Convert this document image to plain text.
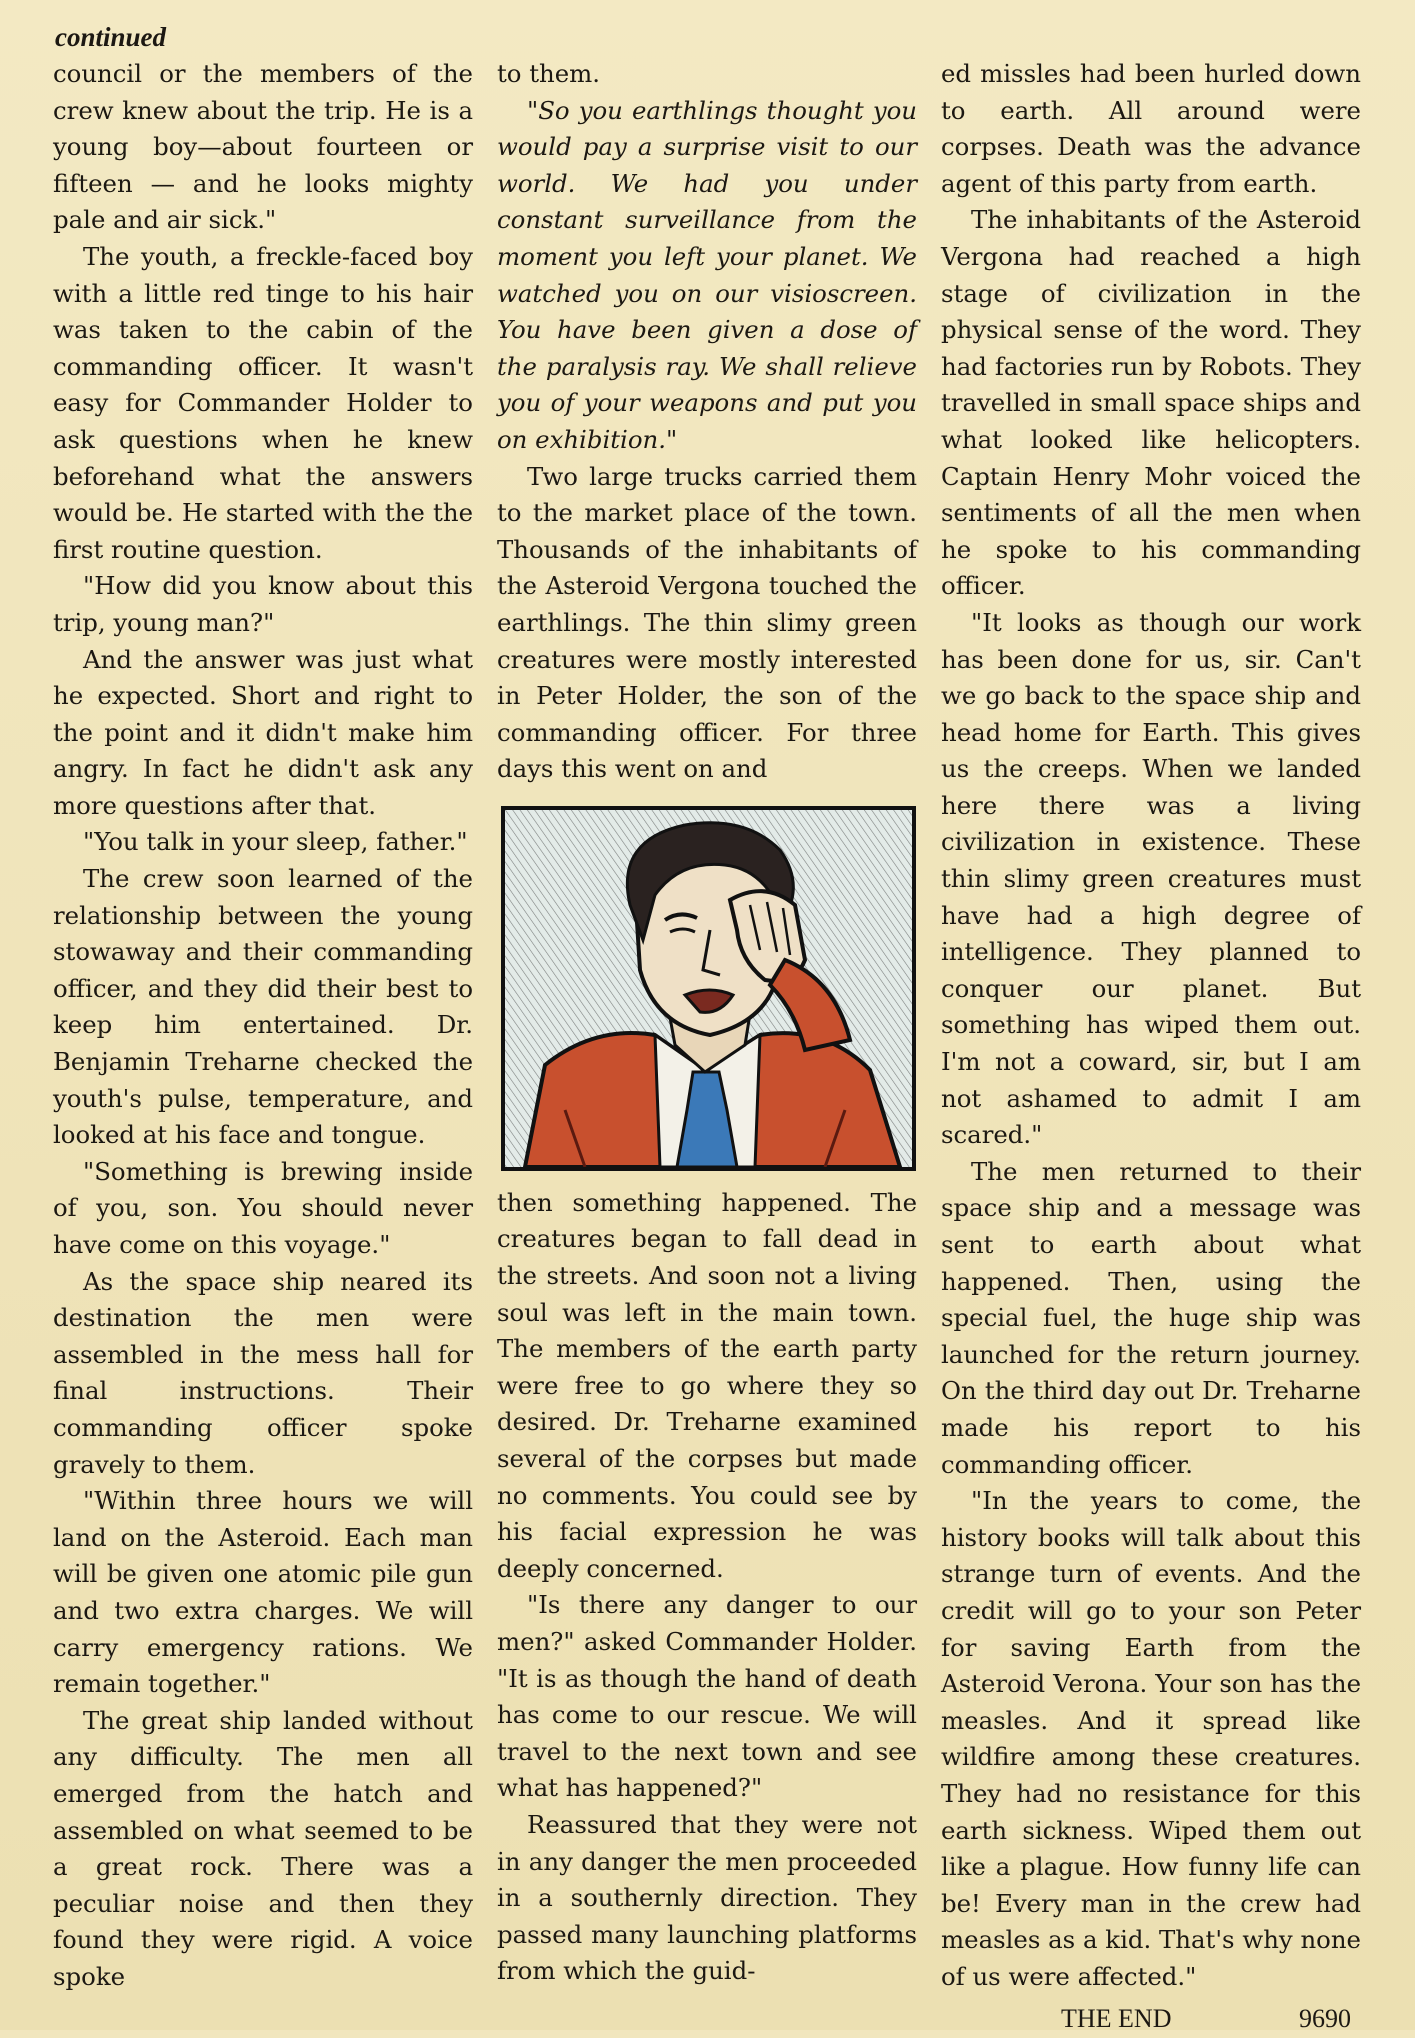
continued

council or the members of the crew knew about the trip. He is a young boy—about fourteen or fifteen — and he looks mighty pale and air sick."

The youth, a freckle-faced boy with a little red tinge to his hair was taken to the cabin of the commanding officer. It wasn't easy for Commander Holder to ask questions when he knew beforehand what the answers would be. He started with the the first routine question.

"How did you know about this trip, young man?"

And the answer was just what he expected. Short and right to the point and it didn't make him angry. In fact he didn't ask any more questions after that.

"You talk in your sleep, father."

The crew soon learned of the relationship between the young stowaway and their commanding officer, and they did their best to keep him entertained. Dr. Benjamin Treharne checked the youth's pulse, temperature, and looked at his face and tongue.

"Something is brewing inside of you, son. You should never have come on this voyage."

As the space ship neared its destination the men were assembled in the mess hall for final instructions. Their commanding officer spoke gravely to them.

"Within three hours we will land on the Asteroid. Each man will be given one atomic pile gun and two extra charges. We will carry emergency rations. We remain together."

The great ship landed without any difficulty. The men all emerged from the hatch and assembled on what seemed to be a great rock. There was a peculiar noise and then they found they were rigid. A voice spoke

to them.

"So you earthlings thought you would pay a surprise visit to our world. We had you under constant surveillance from the moment you left your planet. We watched you on our visioscreen. You have been given a dose of the paralysis ray. We shall relieve you of your weapons and put you on exhibition."

Two large trucks carried them to the market place of the town. Thousands of the inhabitants of the Asteroid Vergona touched the earthlings. The thin slimy green creatures were mostly interested in Peter Holder, the son of the commanding officer. For three days this went on and

then something happened. The creatures began to fall dead in the streets. And soon not a living soul was left in the main town. The members of the earth party were free to go where they so desired. Dr. Treharne examined several of the corpses but made no comments. You could see by his facial expression he was deeply concerned.

"Is there any danger to our men?" asked Commander Holder. "It is as though the hand of death has come to our rescue. We will travel to the next town and see what has happened?"

Reassured that they were not in any danger the men proceeded in a southernly direction. They passed many launching platforms from which the guid-

ed missles had been hurled down to earth. All around were corpses. Death was the advance agent of this party from earth.

The inhabitants of the Asteroid Vergona had reached a high stage of civilization in the physical sense of the word. They had factories run by Robots. They travelled in small space ships and what looked like helicopters. Captain Henry Mohr voiced the sentiments of all the men when he spoke to his commanding officer.

"It looks as though our work has been done for us, sir. Can't we go back to the space ship and head home for Earth. This gives us the creeps. When we landed here there was a living civilization in existence. These thin slimy green creatures must have had a high degree of intelligence. They planned to conquer our planet. But something has wiped them out. I'm not a coward, sir, but I am not ashamed to admit I am scared."

The men returned to their space ship and a message was sent to earth about what happened. Then, using the special fuel, the huge ship was launched for the return journey. On the third day out Dr. Treharne made his report to his commanding officer.

"In the years to come, the history books will talk about this strange turn of events. And the credit will go to your son Peter for saving Earth from the Asteroid Verona. Your son has the measles. And it spread like wildfire among these creatures. They had no resistance for this earth sickness. Wiped them out like a plague. How funny life can be! Every man in the crew had measles as a kid. That's why none of us were affected."

THE END	9690
